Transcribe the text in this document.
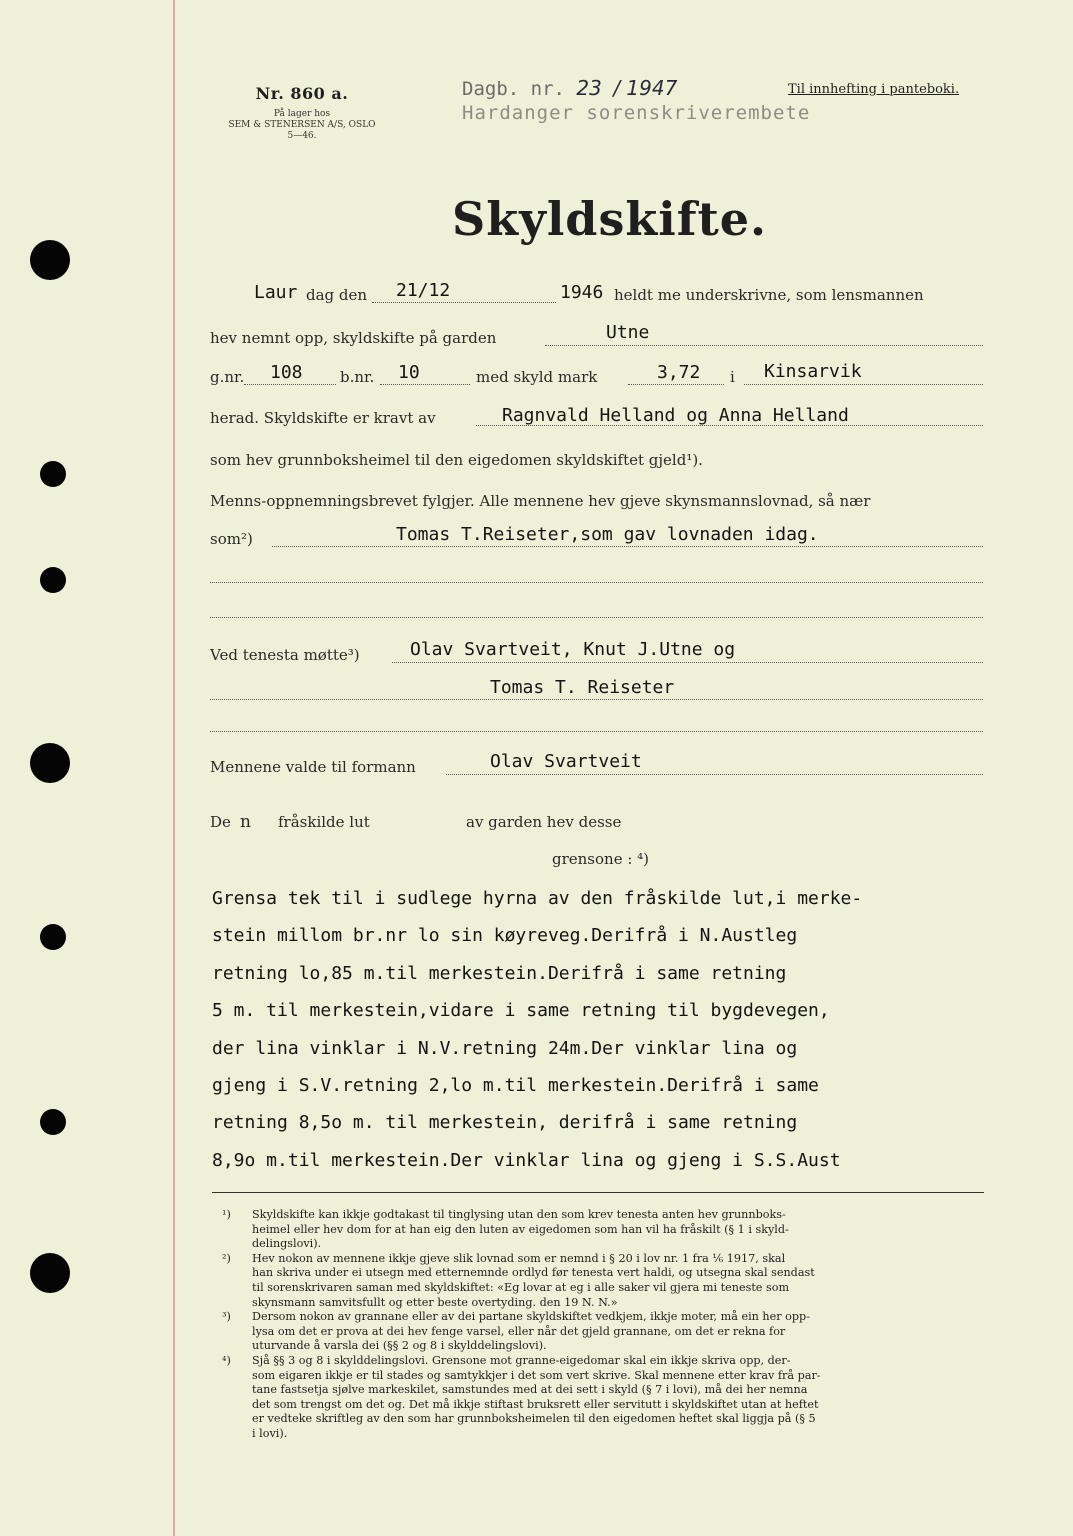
Nr. 860 a.
På lager hos
SEM & STENERSEN A/S, OSLO
5—46.
Dagb. nr. 23 / 1947
Hardanger sorenskriverembete
Til innhefting i panteboki.
Skyldskifte.
Laur dag den 21/12	1946 heldt me underskrivne, som lensmannen
hev nemnt opp, skyldskifte på garden	Utne
g.nr. 108 b.nr. 10	med skyld mark	3,72 i Kinsarvik
herad. Skyldskifte er kravt av	Ragnvald Helland og Anna Helland
som hev grunnboksheimel til den eigedomen skyldskiftet gjeld¹).
Menns-oppnemningsbrevet fylgjer. Alle mennene hev gjeve skynsmannslovnad, så nær
som²)	Tomas T.Reiseter,som gav lovnaden idag.
Ved tenesta møtte³)	Olav Svartveit, Knut J.Utne og
Tomas T. Reiseter
Mennene valde til formann	Olav Svartveit
De n fråskilde lut	av garden hev desse
grensone : ⁴)
Grensa tek til i sudlege hyrna av den fråskilde lut,i merke-
stein millom br.nr lo sin køyreveg.Derifrå i N.Austleg
retning lo,85 m.til merkestein.Derifrå i same retning
5 m. til merkestein,vidare i same retning til bygdevegen,
der lina vinklar i N.V.retning 24m.Der vinklar lina og
gjeng i S.V.retning 2,lo m.til merkestein.Derifrå i same
retning 8,5o m. til merkestein, derifrå i same retning
8,9o m.til merkestein.Der vinklar lina og gjeng i S.S.Aust
¹)	Skyldskifte kan ikkje godtakast til tinglysing utan den som krev tenesta anten hev grunnboks-
heimel eller hev dom for at han eig den luten av eigedomen som han vil ha fråskilt (§ 1 i skyld-
delingslovi).
²)	Hev nokon av mennene ikkje gjeve slik lovnad som er nemnd i § 20 i lov nr. 1 fra ⅙ 1917, skal
han skriva under ei utsegn med etternemnde ordlyd før tenesta vert haldi, og utsegna skal sendast
til sorenskrivaren saman med skyldskiftet: «Eg lovar at eg i alle saker vil gjera mi teneste som
skynsmann samvitsfullt og etter beste overtyding. den 19 N. N.»
³)	Dersom nokon av grannane eller av dei partane skyldskiftet vedkjem, ikkje moter, må ein her opp-
lysa om det er prova at dei hev fenge varsel, eller når det gjeld grannane, om det er rekna for
uturvande å varsla dei (§§ 2 og 8 i skylddelingslovi).
⁴)	Sjå §§ 3 og 8 i skylddelingslovi. Grensone mot granne-eigedomar skal ein ikkje skriva opp, der-
som eigaren ikkje er til stades og samtykkjer i det som vert skrive. Skal mennene etter krav frå par-
tane fastsetja sjølve markeskilet, samstundes med at dei sett i skyld (§ 7 i lovi), må dei her nemna
det som trengst om det og. Det må ikkje stiftast bruksrett eller servitutt i skyldskiftet utan at heftet
er vedteke skriftleg av den som har grunnboksheimelen til den eigedomen heftet skal liggja på (§ 5
i lovi).
